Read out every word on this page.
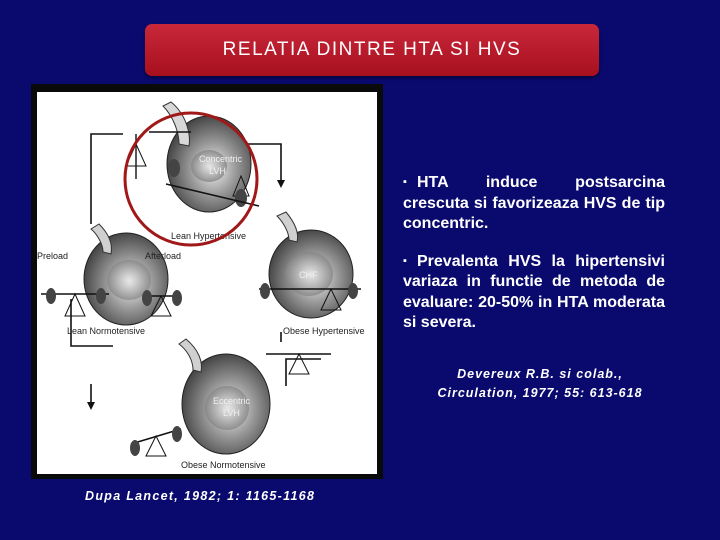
RELATIA DINTRE HTA SI HVS
Concentric
LVH
Lean Hypertensive
Preload	Afterload
Lean Normotensive
CHF
Obese Hypertensive
Eccentric
LVH
Obese Normotensive

▪ HTA induce postsarcina crescuta si favorizeaza HVS de tip concentric.

▪ Prevalenta HVS la hipertensivi variaza in functie de metoda de evaluare: 20-50% in HTA moderata si severa.

Devereux R.B. si colab.,
Circulation, 1977; 55: 613-618
Dupa Lancet, 1982; 1: 1165-1168
